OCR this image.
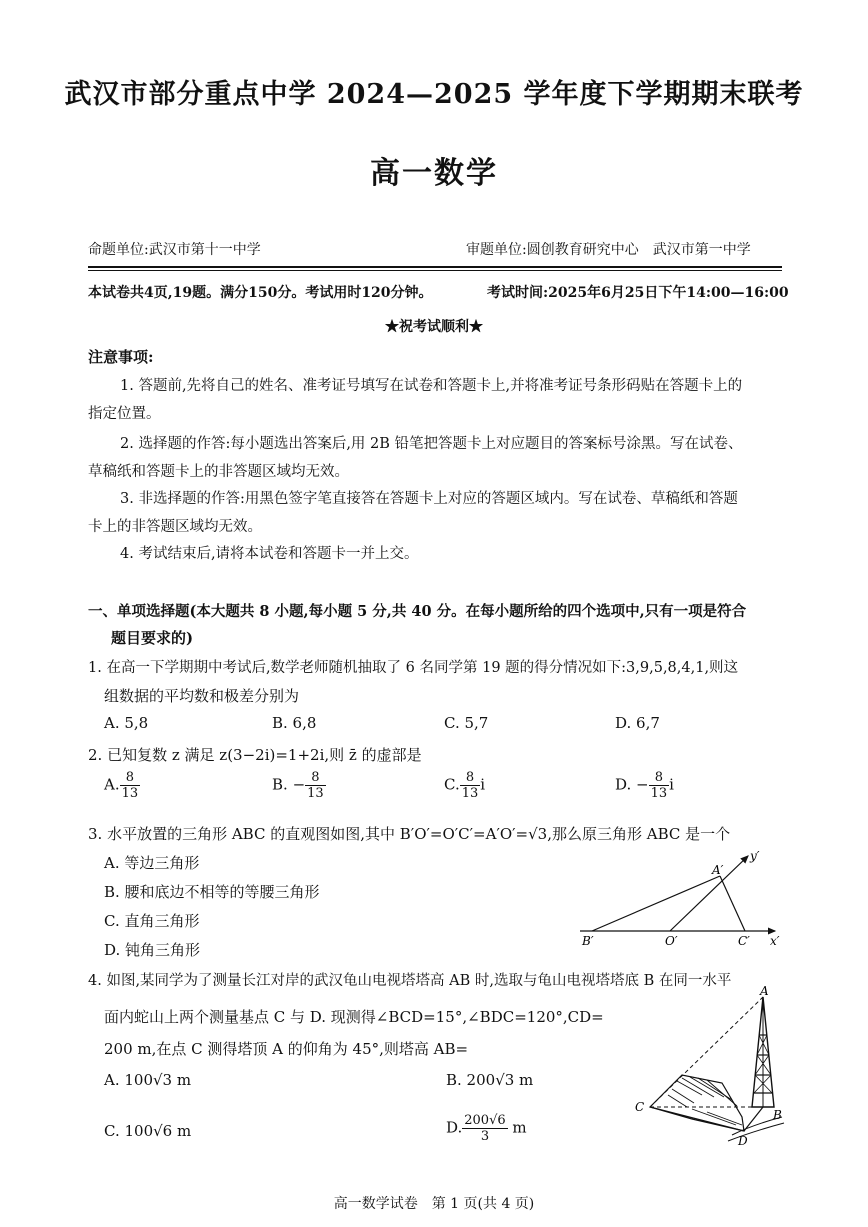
武汉市部分重点中学 2024—2025 学年度下学期期末联考
高一数学
命题单位:武汉市第十一中学	审题单位:圆创教育研究中心　武汉市第一中学
本试卷共4页,19题。满分150分。考试用时120分钟。	考试时间:2025年6月25日下午14:00—16:00
★祝考试顺利★
注意事项:
1. 答题前,先将自己的姓名、准考证号填写在试卷和答题卡上,并将准考证号条形码贴在答题卡上的
指定位置。
2. 选择题的作答:每小题选出答案后,用 2B 铅笔把答题卡上对应题目的答案标号涂黑。写在试卷、
草稿纸和答题卡上的非答题区域均无效。
3. 非选择题的作答:用黑色签字笔直接答在答题卡上对应的答题区域内。写在试卷、草稿纸和答题
卡上的非答题区域均无效。
4. 考试结束后,请将本试卷和答题卡一并上交。
一、单项选择题(本大题共 8 小题,每小题 5 分,共 40 分。在每小题所给的四个选项中,只有一项是符合
题目要求的)
1. 在高一下学期期中考试后,数学老师随机抽取了 6 名同学第 19 题的得分情况如下:3,9,5,8,4,1,则这
组数据的平均数和极差分别为
A. 5,8	B. 6,8	C. 5,7	D. 6,7
2. 已知复数 z 满足 z(3−2i)=1+2i,则 z̄ 的虚部是
A. $\frac{8}{13}$	B. − $\frac{8}{13}$	C. $\frac{8}{13}$ i	D. − $\frac{8}{13}$ i
3. 水平放置的三角形 ABC 的直观图如图,其中 B′O′=O′C′=A′O′=√3,那么原三角形 ABC 是一个
A. 等边三角形
B. 腰和底边不相等的等腰三角形
C. 直角三角形
D. 钝角三角形
A′
y′
B′	O′	C′ x′
4. 如图,某同学为了测量长江对岸的武汉龟山电视塔塔高 AB 时,选取与龟山电视塔塔底 B 在同一水平
面内蛇山上两个测量基点 C 与 D. 现测得∠BCD=15°,∠BDC=120°,CD=
200 m,在点 C 测得塔顶 A 的仰角为 45°,则塔高 AB=
A. 100√3 m	B. 200√3 m
C. 100√6 m	D. $\frac{200√6}{3}$ m
A
B
C
D
高一数学试卷　第 1 页(共 4 页)
